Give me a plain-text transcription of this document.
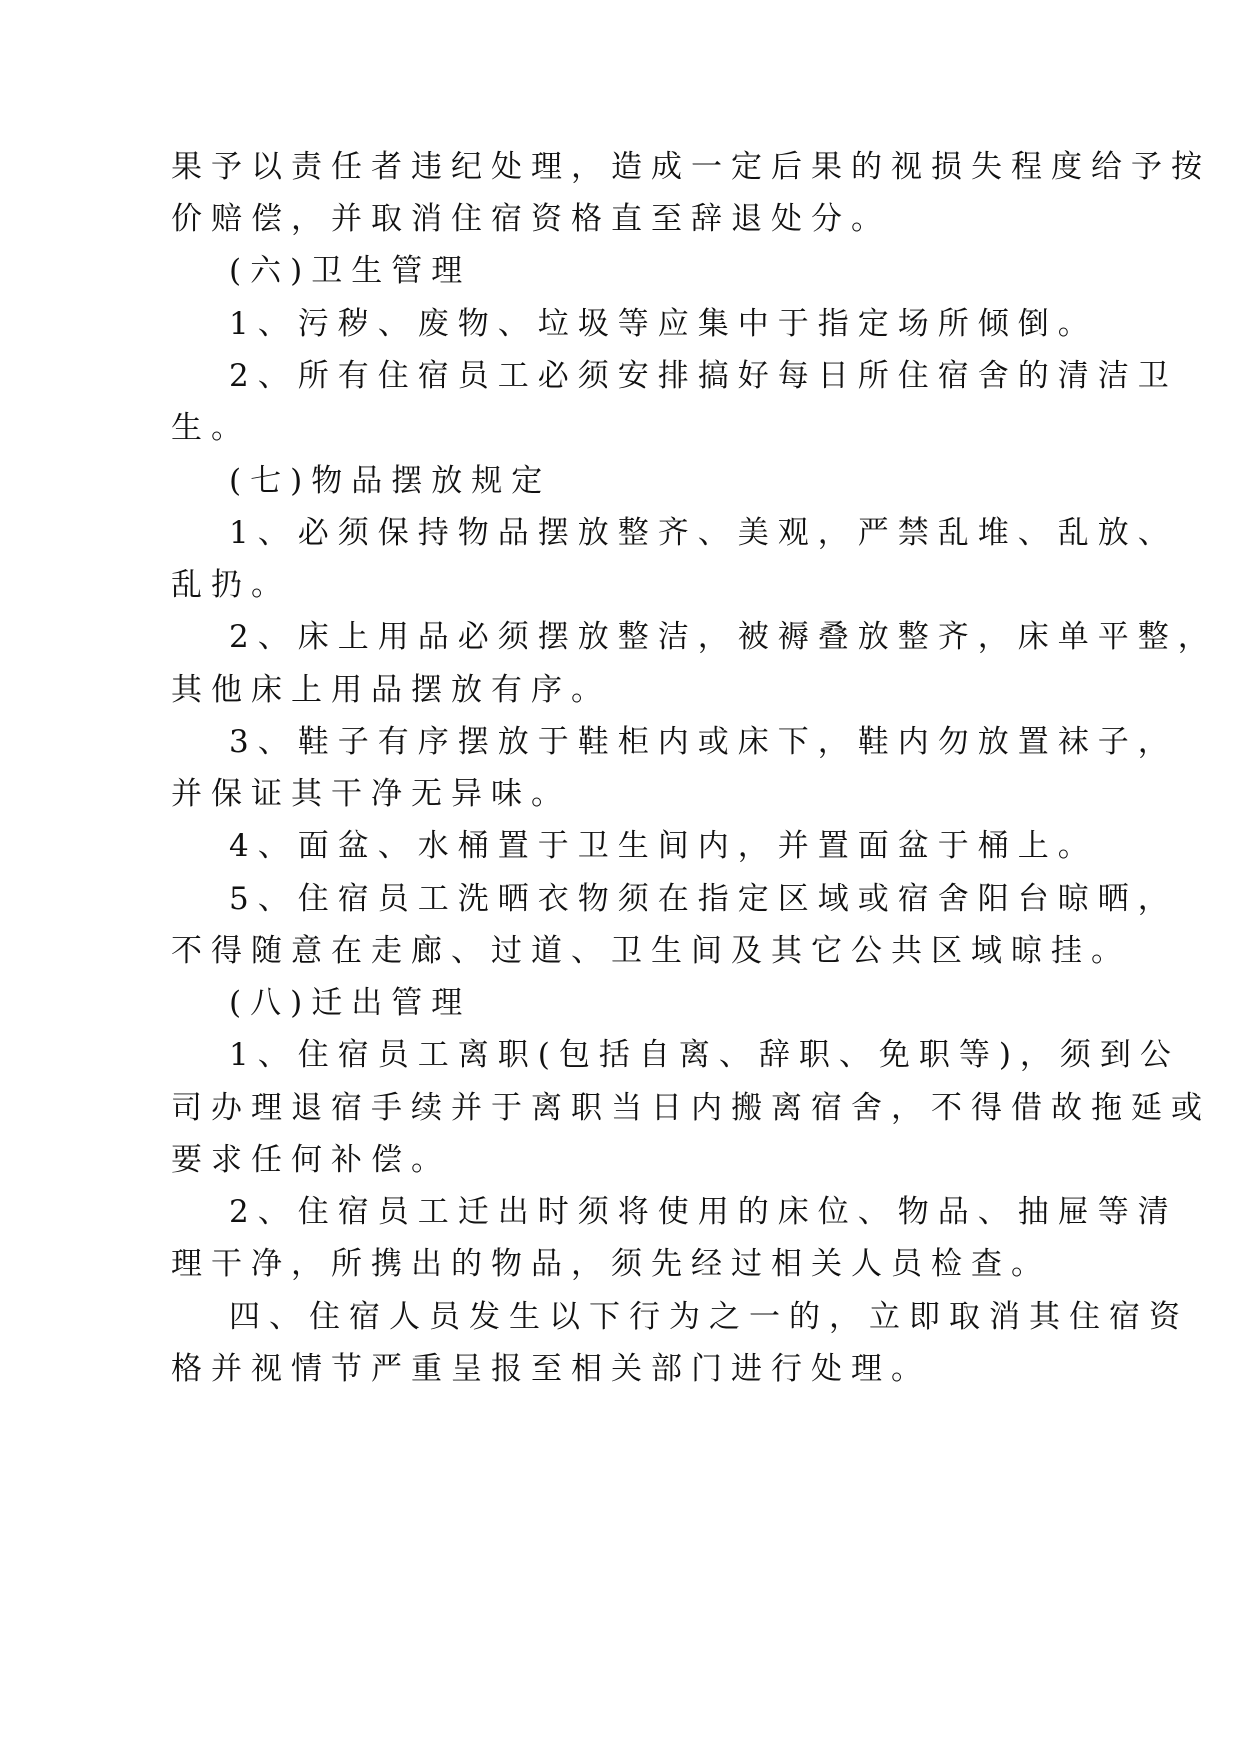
果予以责任者违纪处理，造成一定后果的视损失程度给予按
价赔偿，并取消住宿资格直至辞退处分。
(六)卫生管理
1、污秽、废物、垃圾等应集中于指定场所倾倒。
2、所有住宿员工必须安排搞好每日所住宿舍的清洁卫
生。
(七)物品摆放规定
1、必须保持物品摆放整齐、美观，严禁乱堆、乱放、
乱扔。
2、床上用品必须摆放整洁，被褥叠放整齐，床单平整，
其他床上用品摆放有序。
3、鞋子有序摆放于鞋柜内或床下，鞋内勿放置袜子，
并保证其干净无异味。
4、面盆、水桶置于卫生间内，并置面盆于桶上。
5、住宿员工洗晒衣物须在指定区域或宿舍阳台晾晒，
不得随意在走廊、过道、卫生间及其它公共区域晾挂。
(八)迁出管理
1、住宿员工离职(包括自离、辞职、免职等)，须到公
司办理退宿手续并于离职当日内搬离宿舍，不得借故拖延或
要求任何补偿。
2、住宿员工迁出时须将使用的床位、物品、抽屉等清
理干净，所携出的物品，须先经过相关人员检查。
四、住宿人员发生以下行为之一的，立即取消其住宿资
格并视情节严重呈报至相关部门进行处理。
